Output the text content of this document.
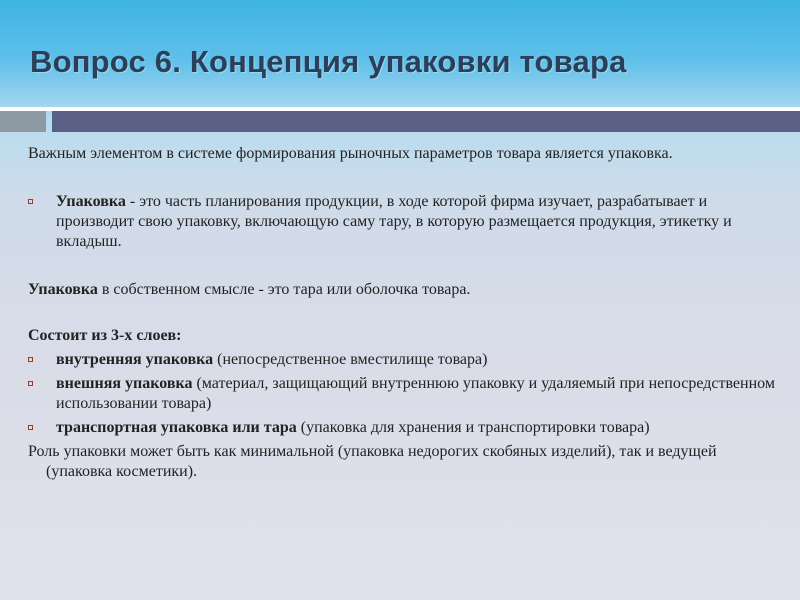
Вопрос 6. Концепция упаковки товара

Важным элементом в системе формирования рыночных параметров товара является упаковка.

Упаковка - это часть планирования продукции, в ходе которой фирма изучает, разрабатывает и производит свою упаковку, включающую саму тару, в которую размещается продукция, этикетку и вкладыш.

Упаковка в собственном смысле - это тара или оболочка товара.

Состоит из 3-х слоев:

внутренняя упаковка (непосредственное вместилище товара)
внешняя упаковка (материал, защищающий внутреннюю упаковку и удаляемый при непосредственном использовании товара)
транспортная упаковка или тара (упаковка для хранения и транспортировки товара)

Роль упаковки может быть как минимальной (упаковка недорогих скобяных изделий), так и ведущей (упаковка косметики).
